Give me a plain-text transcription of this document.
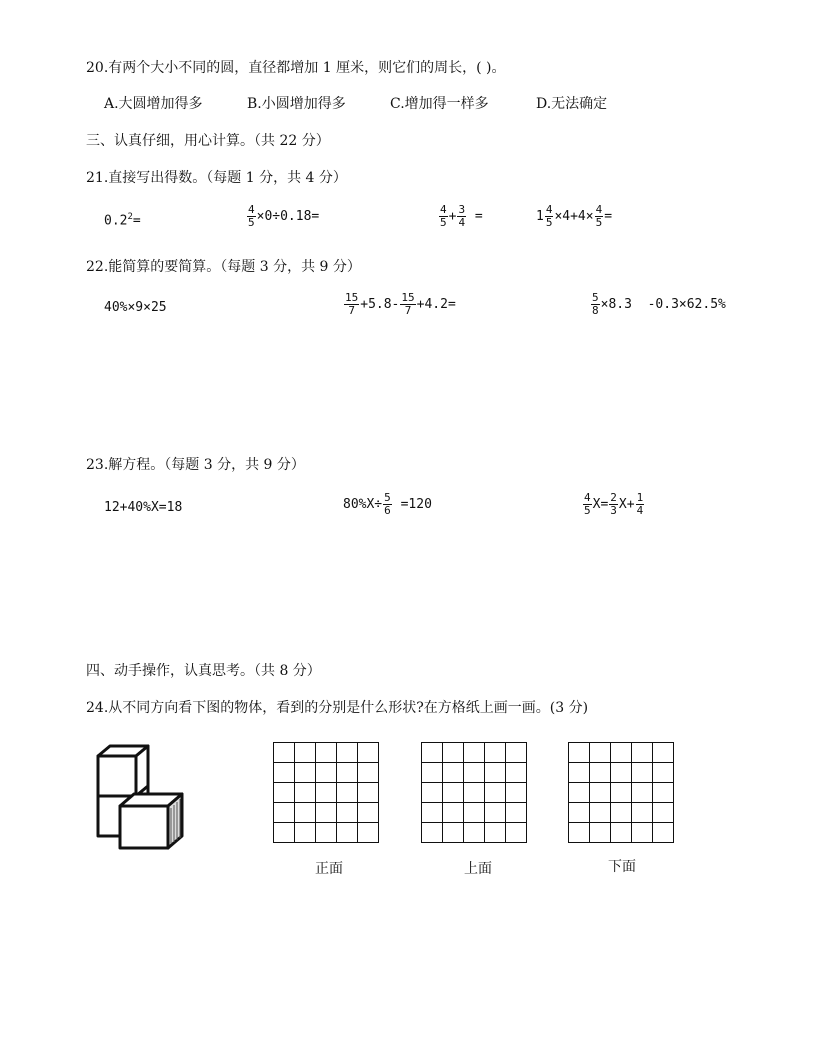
20.有两个大小不同的圆，直径都增加 1 厘米，则它们的周长，( )。
A.大圆增加得多	B.小圆增加得多	C.增加得一样多	D.无法确定
三、认真仔细，用心计算。（共 22 分）
21.直接写出得数。（每题 1 分，共 4 分）
$0.2^2=$	$\frac{4}{5} \times 0\div 0.18=$	$\frac{4}{5} + \frac{3}{4}$ =	$1 \frac{4}{5} \times 4+4\times \frac{4}{5}$ =
22.能简算的要简算。（每题 3 分，共 9 分）
40%×9×25	$\frac{15}{7} +5.8- \frac{15}{7} +4.2=$	$\frac{5}{8} \times 8.3$  -0.3×62.5%
23.解方程。（每题 3 分，共 9 分）
12+40%X=18	$80\%X\div \frac{5}{6} =120$	$\frac{4}{5} X= \frac{2}{3} X+ \frac{1}{4}$
四、动手操作，认真思考。（共 8 分）
24.从不同方向看下图的物体，看到的分别是什么形状?在方格纸上画一画。(3 分)

正面	上面	下面
